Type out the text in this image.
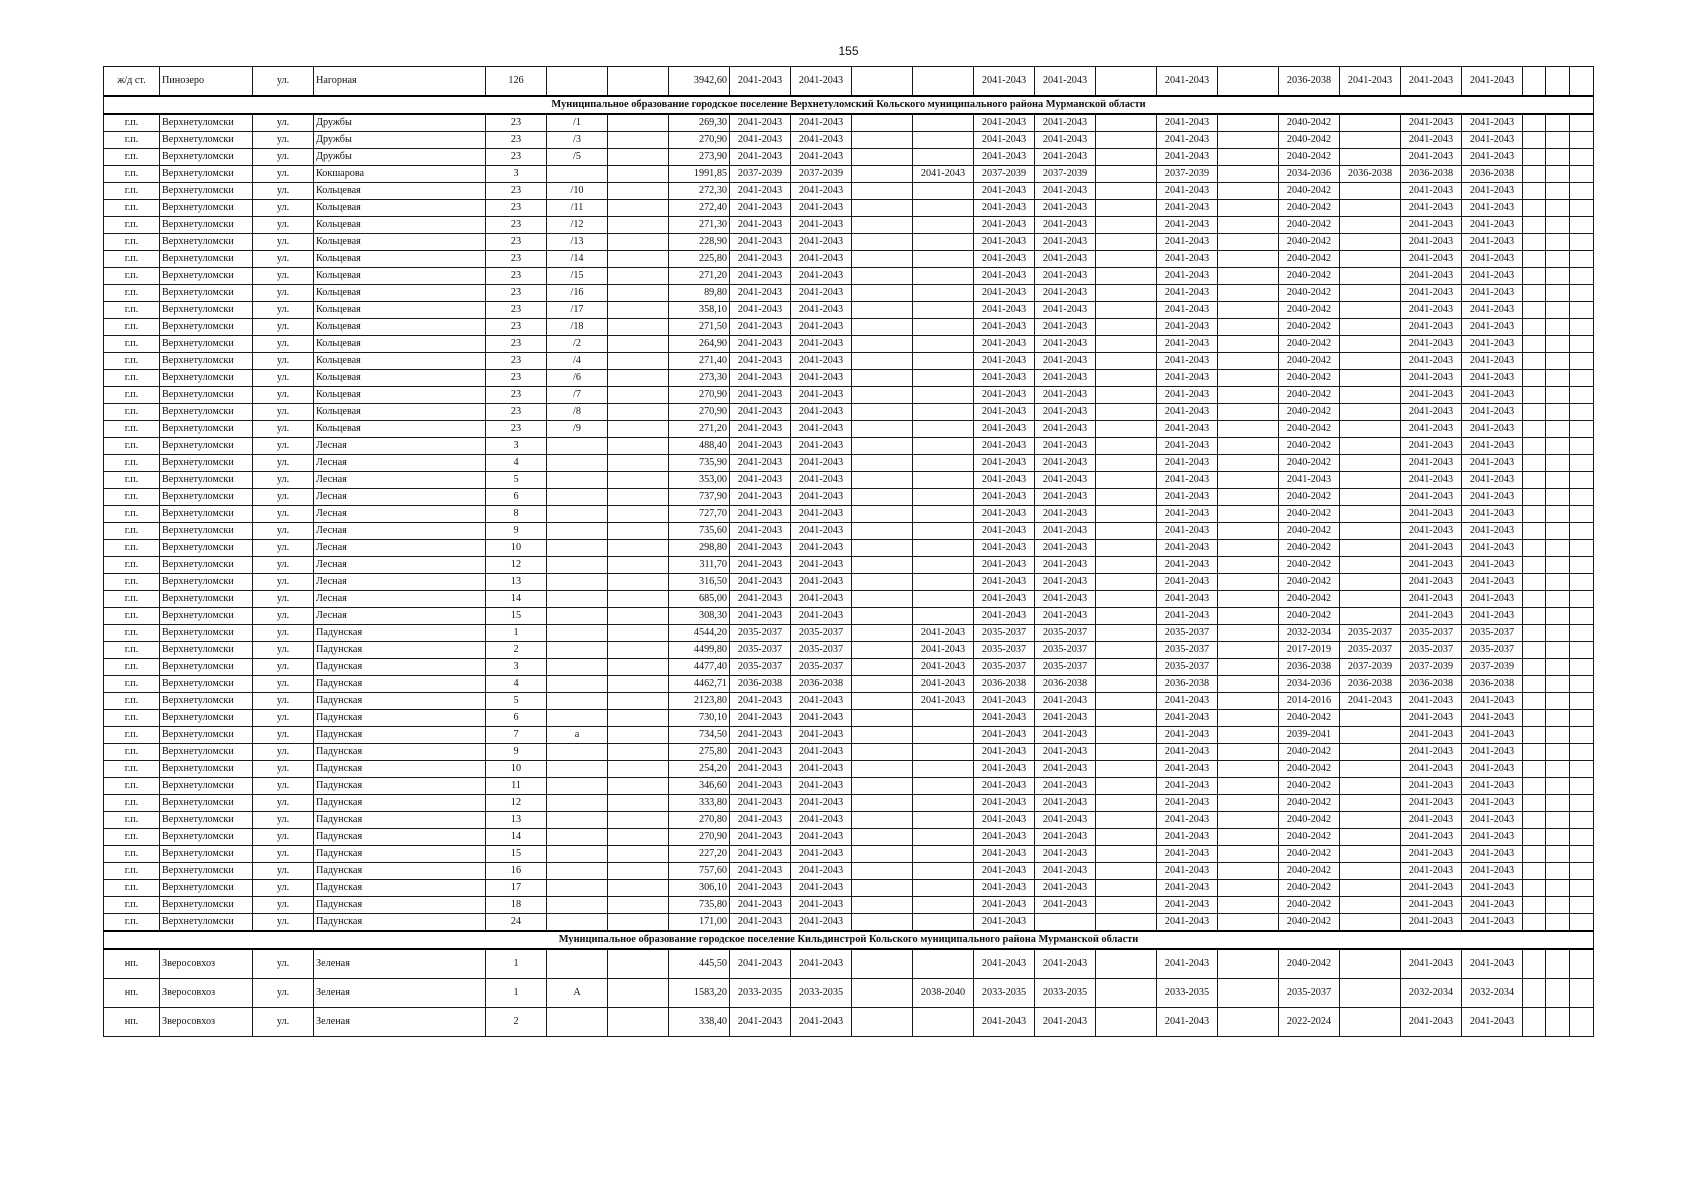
155
ж/д ст.	Пинозеро	ул.	Нагорная	126			3942,60	2041-2043	2041-2043			2041-2043	2041-2043		2041-2043		2036-2038	2041-2043	2041-2043	2041-2043			
Муниципальное образование городское поселение Верхнетуломский Кольского муниципального района Мурманской области																							
г.п.	Верхнетуломски	ул.	Дружбы	23	/1		269,30	2041-2043	2041-2043			2041-2043	2041-2043		2041-2043		2040-2042		2041-2043	2041-2043			
г.п.	Верхнетуломски	ул.	Дружбы	23	/3		270,90	2041-2043	2041-2043			2041-2043	2041-2043		2041-2043		2040-2042		2041-2043	2041-2043			
г.п.	Верхнетуломски	ул.	Дружбы	23	/5		273,90	2041-2043	2041-2043			2041-2043	2041-2043		2041-2043		2040-2042		2041-2043	2041-2043			
г.п.	Верхнетуломски	ул.	Кокшарова	3			1991,85	2037-2039	2037-2039		2041-2043	2037-2039	2037-2039		2037-2039		2034-2036	2036-2038	2036-2038	2036-2038			
г.п.	Верхнетуломски	ул.	Кольцевая	23	/10		272,30	2041-2043	2041-2043			2041-2043	2041-2043		2041-2043		2040-2042		2041-2043	2041-2043			
г.п.	Верхнетуломски	ул.	Кольцевая	23	/11		272,40	2041-2043	2041-2043			2041-2043	2041-2043		2041-2043		2040-2042		2041-2043	2041-2043			
г.п.	Верхнетуломски	ул.	Кольцевая	23	/12		271,30	2041-2043	2041-2043			2041-2043	2041-2043		2041-2043		2040-2042		2041-2043	2041-2043			
г.п.	Верхнетуломски	ул.	Кольцевая	23	/13		228,90	2041-2043	2041-2043			2041-2043	2041-2043		2041-2043		2040-2042		2041-2043	2041-2043			
г.п.	Верхнетуломски	ул.	Кольцевая	23	/14		225,80	2041-2043	2041-2043			2041-2043	2041-2043		2041-2043		2040-2042		2041-2043	2041-2043			
г.п.	Верхнетуломски	ул.	Кольцевая	23	/15		271,20	2041-2043	2041-2043			2041-2043	2041-2043		2041-2043		2040-2042		2041-2043	2041-2043			
г.п.	Верхнетуломски	ул.	Кольцевая	23	/16		89,80	2041-2043	2041-2043			2041-2043	2041-2043		2041-2043		2040-2042		2041-2043	2041-2043			
г.п.	Верхнетуломски	ул.	Кольцевая	23	/17		358,10	2041-2043	2041-2043			2041-2043	2041-2043		2041-2043		2040-2042		2041-2043	2041-2043			
г.п.	Верхнетуломски	ул.	Кольцевая	23	/18		271,50	2041-2043	2041-2043			2041-2043	2041-2043		2041-2043		2040-2042		2041-2043	2041-2043			
г.п.	Верхнетуломски	ул.	Кольцевая	23	/2		264,90	2041-2043	2041-2043			2041-2043	2041-2043		2041-2043		2040-2042		2041-2043	2041-2043			
г.п.	Верхнетуломски	ул.	Кольцевая	23	/4		271,40	2041-2043	2041-2043			2041-2043	2041-2043		2041-2043		2040-2042		2041-2043	2041-2043			
г.п.	Верхнетуломски	ул.	Кольцевая	23	/6		273,30	2041-2043	2041-2043			2041-2043	2041-2043		2041-2043		2040-2042		2041-2043	2041-2043			
г.п.	Верхнетуломски	ул.	Кольцевая	23	/7		270,90	2041-2043	2041-2043			2041-2043	2041-2043		2041-2043		2040-2042		2041-2043	2041-2043			
г.п.	Верхнетуломски	ул.	Кольцевая	23	/8		270,90	2041-2043	2041-2043			2041-2043	2041-2043		2041-2043		2040-2042		2041-2043	2041-2043			
г.п.	Верхнетуломски	ул.	Кольцевая	23	/9		271,20	2041-2043	2041-2043			2041-2043	2041-2043		2041-2043		2040-2042		2041-2043	2041-2043			
г.п.	Верхнетуломски	ул.	Лесная	3			488,40	2041-2043	2041-2043			2041-2043	2041-2043		2041-2043		2040-2042		2041-2043	2041-2043			
г.п.	Верхнетуломски	ул.	Лесная	4			735,90	2041-2043	2041-2043			2041-2043	2041-2043		2041-2043		2040-2042		2041-2043	2041-2043			
г.п.	Верхнетуломски	ул.	Лесная	5			353,00	2041-2043	2041-2043			2041-2043	2041-2043		2041-2043		2041-2043		2041-2043	2041-2043			
г.п.	Верхнетуломски	ул.	Лесная	6			737,90	2041-2043	2041-2043			2041-2043	2041-2043		2041-2043		2040-2042		2041-2043	2041-2043			
г.п.	Верхнетуломски	ул.	Лесная	8			727,70	2041-2043	2041-2043			2041-2043	2041-2043		2041-2043		2040-2042		2041-2043	2041-2043			
г.п.	Верхнетуломски	ул.	Лесная	9			735,60	2041-2043	2041-2043			2041-2043	2041-2043		2041-2043		2040-2042		2041-2043	2041-2043			
г.п.	Верхнетуломски	ул.	Лесная	10			298,80	2041-2043	2041-2043			2041-2043	2041-2043		2041-2043		2040-2042		2041-2043	2041-2043			
г.п.	Верхнетуломски	ул.	Лесная	12			311,70	2041-2043	2041-2043			2041-2043	2041-2043		2041-2043		2040-2042		2041-2043	2041-2043			
г.п.	Верхнетуломски	ул.	Лесная	13			316,50	2041-2043	2041-2043			2041-2043	2041-2043		2041-2043		2040-2042		2041-2043	2041-2043			
г.п.	Верхнетуломски	ул.	Лесная	14			685,00	2041-2043	2041-2043			2041-2043	2041-2043		2041-2043		2040-2042		2041-2043	2041-2043			
г.п.	Верхнетуломски	ул.	Лесная	15			308,30	2041-2043	2041-2043			2041-2043	2041-2043		2041-2043		2040-2042		2041-2043	2041-2043			
г.п.	Верхнетуломски	ул.	Падунская	1			4544,20	2035-2037	2035-2037		2041-2043	2035-2037	2035-2037		2035-2037		2032-2034	2035-2037	2035-2037	2035-2037			
г.п.	Верхнетуломски	ул.	Падунская	2			4499,80	2035-2037	2035-2037		2041-2043	2035-2037	2035-2037		2035-2037		2017-2019	2035-2037	2035-2037	2035-2037			
г.п.	Верхнетуломски	ул.	Падунская	3			4477,40	2035-2037	2035-2037		2041-2043	2035-2037	2035-2037		2035-2037		2036-2038	2037-2039	2037-2039	2037-2039			
г.п.	Верхнетуломски	ул.	Падунская	4			4462,71	2036-2038	2036-2038		2041-2043	2036-2038	2036-2038		2036-2038		2034-2036	2036-2038	2036-2038	2036-2038			
г.п.	Верхнетуломски	ул.	Падунская	5			2123,80	2041-2043	2041-2043		2041-2043	2041-2043	2041-2043		2041-2043		2014-2016	2041-2043	2041-2043	2041-2043			
г.п.	Верхнетуломски	ул.	Падунская	6			730,10	2041-2043	2041-2043			2041-2043	2041-2043		2041-2043		2040-2042		2041-2043	2041-2043			
г.п.	Верхнетуломски	ул.	Падунская	7	а		734,50	2041-2043	2041-2043			2041-2043	2041-2043		2041-2043		2039-2041		2041-2043	2041-2043			
г.п.	Верхнетуломски	ул.	Падунская	9			275,80	2041-2043	2041-2043			2041-2043	2041-2043		2041-2043		2040-2042		2041-2043	2041-2043			
г.п.	Верхнетуломски	ул.	Падунская	10			254,20	2041-2043	2041-2043			2041-2043	2041-2043		2041-2043		2040-2042		2041-2043	2041-2043			
г.п.	Верхнетуломски	ул.	Падунская	11			346,60	2041-2043	2041-2043			2041-2043	2041-2043		2041-2043		2040-2042		2041-2043	2041-2043			
г.п.	Верхнетуломски	ул.	Падунская	12			333,80	2041-2043	2041-2043			2041-2043	2041-2043		2041-2043		2040-2042		2041-2043	2041-2043			
г.п.	Верхнетуломски	ул.	Падунская	13			270,80	2041-2043	2041-2043			2041-2043	2041-2043		2041-2043		2040-2042		2041-2043	2041-2043			
г.п.	Верхнетуломски	ул.	Падунская	14			270,90	2041-2043	2041-2043			2041-2043	2041-2043		2041-2043		2040-2042		2041-2043	2041-2043			
г.п.	Верхнетуломски	ул.	Падунская	15			227,20	2041-2043	2041-2043			2041-2043	2041-2043		2041-2043		2040-2042		2041-2043	2041-2043			
г.п.	Верхнетуломски	ул.	Падунская	16			757,60	2041-2043	2041-2043			2041-2043	2041-2043		2041-2043		2040-2042		2041-2043	2041-2043			
г.п.	Верхнетуломски	ул.	Падунская	17			306,10	2041-2043	2041-2043			2041-2043	2041-2043		2041-2043		2040-2042		2041-2043	2041-2043			
г.п.	Верхнетуломски	ул.	Падунская	18			735,80	2041-2043	2041-2043			2041-2043	2041-2043		2041-2043		2040-2042		2041-2043	2041-2043			
г.п.	Верхнетуломски	ул.	Падунская	24			171,00	2041-2043	2041-2043			2041-2043			2041-2043		2040-2042		2041-2043	2041-2043			
Муниципальное образование городское поселение Кильдинстрой Кольского муниципального района Мурманской области																							
нп.	Зверосовхоз	ул.	Зеленая	1			445,50	2041-2043	2041-2043			2041-2043	2041-2043		2041-2043		2040-2042		2041-2043	2041-2043			
нп.	Зверосовхоз	ул.	Зеленая	1	А		1583,20	2033-2035	2033-2035		2038-2040	2033-2035	2033-2035		2033-2035		2035-2037		2032-2034	2032-2034			
нп.	Зверосовхоз	ул.	Зеленая	2			338,40	2041-2043	2041-2043			2041-2043	2041-2043		2041-2043		2022-2024		2041-2043	2041-2043			
